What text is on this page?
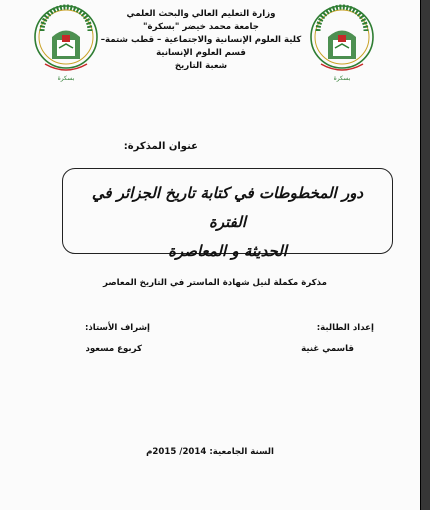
بسكرة	بسكرة
وزارة التعليم العالي والبحث العلمي
جامعة محمد خيضر "بسكرة"
كلية العلوم الإنسانية والاجتماعية – قطب شتمة–
قسم العلوم الإنسانية
شعبة التاريخ
عنوان المذكرة:
دور المخطوطات في كتابة تاريخ الجزائر في الفترة
الحديثة و المعاصرة
مذكرة مكملة لنيل شهادة الماستر في التاريخ المعاصر
إعداد الطالبة:
قاسمي غنية
إشراف الأستاذ:
كربوع مسعود
السنة الجامعية: 2014/ 2015م
